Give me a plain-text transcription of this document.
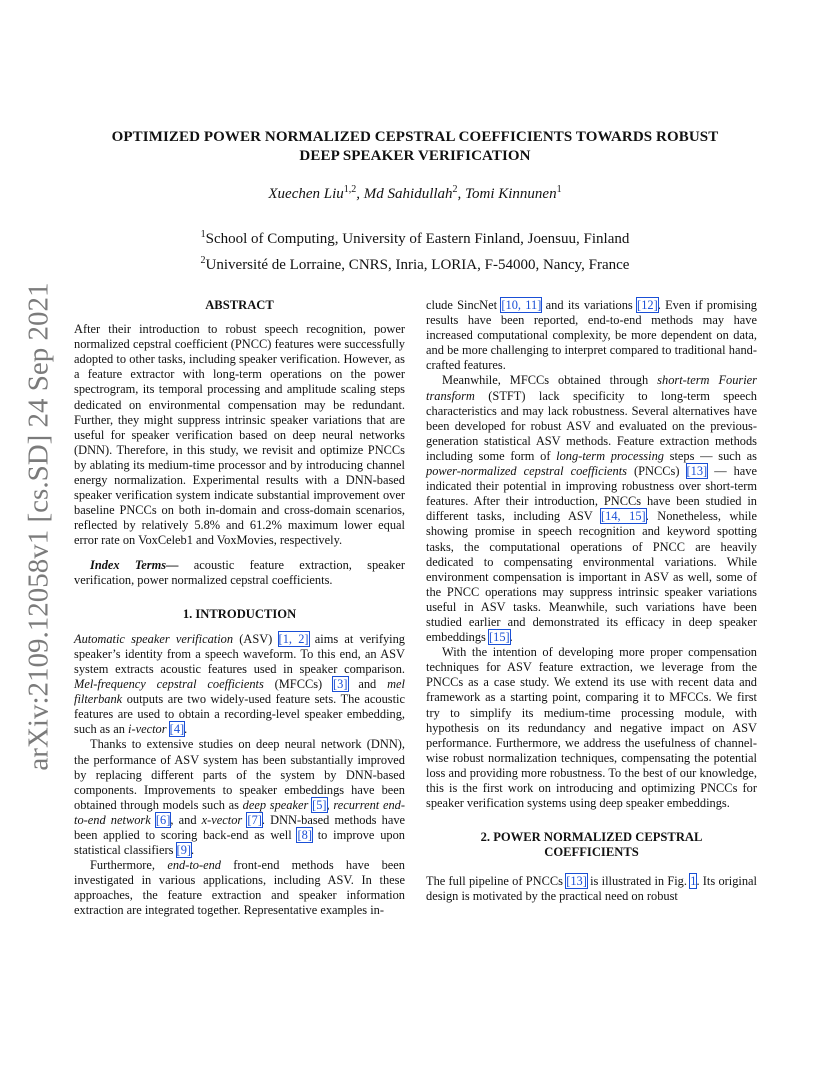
arXiv:2109.12058v1 [cs.SD] 24 Sep 2021
OPTIMIZED POWER NORMALIZED CEPSTRAL COEFFICIENTS TOWARDS ROBUST
DEEP SPEAKER VERIFICATION
Xuechen Liu$^{1,2}$, Md Sahidullah$^2$, Tomi Kinnunen$^1$
$^1$School of Computing, University of Eastern Finland, Joensuu, Finland
$^2$Université de Lorraine, CNRS, Inria, LORIA, F-54000, Nancy, France

ABSTRACT

After their introduction to robust speech recognition, power normalized cepstral coefficient (PNCC) features were successfully adopted to other tasks, including speaker verification. However, as a feature extractor with long-term operations on the power spectrogram, its temporal processing and amplitude scaling steps dedicated on environmental compensation may be redundant. Further, they might suppress intrinsic speaker variations that are useful for speaker verification based on deep neural networks (DNN). Therefore, in this study, we revisit and optimize PNCCs by ablating its medium-time processor and by introducing channel energy normalization. Experimental results with a DNN-based speaker verification system indicate substantial improvement over baseline PNCCs on both in-domain and cross-domain scenarios, reflected by relatively 5.8% and 61.2% maximum lower equal error rate on VoxCeleb1 and VoxMovies, respectively.

Index Terms— acoustic feature extraction, speaker verification, power normalized cepstral coefficients.

1. INTRODUCTION

Automatic speaker verification (ASV) [ 1, 2 ] aims at verifying speaker’s identity from a speech waveform. To this end, an ASV system extracts acoustic features used in speaker comparison. Mel-frequency cepstral coefficients (MFCCs) [ 3 ] and mel filterbank outputs are two widely-used feature sets. The acoustic features are used to obtain a recording-level speaker embedding, such as an i-vector [ 4 ] .

Thanks to extensive studies on deep neural network (DNN), the performance of ASV system has been substantially improved by replacing different parts of the system by DNN-based components. Improvements to speaker embeddings have been obtained through models such as deep speaker [ 5 ] , recurrent end-to-end network [ 6 ] , and x-vector [ 7 ] . DNN-based methods have been applied to scoring back-end as well [ 8 ] to improve upon statistical classifiers [ 9 ] .

Furthermore, end-to-end front-end methods have been investigated in various applications, including ASV. In these approaches, the feature extraction and speaker information extraction are integrated together. Representative examples in-

clude SincNet [ 10, 11 ] and its variations [ 12 ] . Even if promising results have been reported, end-to-end methods may have increased computational complexity, be more dependent on data, and be more challenging to interpret compared to traditional hand-crafted features.

Meanwhile, MFCCs obtained through short-term Fourier transform (STFT) lack specificity to long-term speech characteristics and may lack robustness. Several alternatives have been developed for robust ASV and evaluated on the previous-generation statistical ASV methods. Feature extraction methods including some form of long-term processing steps — such as power-normalized cepstral coefficients (PNCCs) [ 13 ] — have indicated their potential in improving robustness over short-term features. After their introduction, PNCCs have been studied in different tasks, including ASV [ 14, 15 ] . Nonetheless, while showing promise in speech recognition and keyword spotting tasks, the computational operations of PNCC are heavily dedicated to compensating environmental variations. While environment compensation is important in ASV as well, some of the PNCC operations may suppress intrinsic speaker variations useful in ASV tasks. Meanwhile, such variations have been studied earlier and demonstrated its efficacy in deep speaker embeddings [ 15 ] .

With the intention of developing more proper compensation techniques for ASV feature extraction, we leverage from the PNCCs as a case study. We extend its use with recent data and framework as a starting point, comparing it to MFCCs. We first try to simplify its medium-time processing module, with hypothesis on its redundancy and negative impact on ASV performance. Furthermore, we address the usefulness of channel-wise robust normalization techniques, compensating the potential loss and providing more robustness. To the best of our knowledge, this is the first work on introducing and optimizing PNCCs for speaker verification systems using deep speaker embeddings.

2. POWER NORMALIZED CEPSTRAL
COEFFICIENTS

The full pipeline of PNCCs [ 13 ] is illustrated in Fig. 1. Its original design is motivated by the practical need on robust
